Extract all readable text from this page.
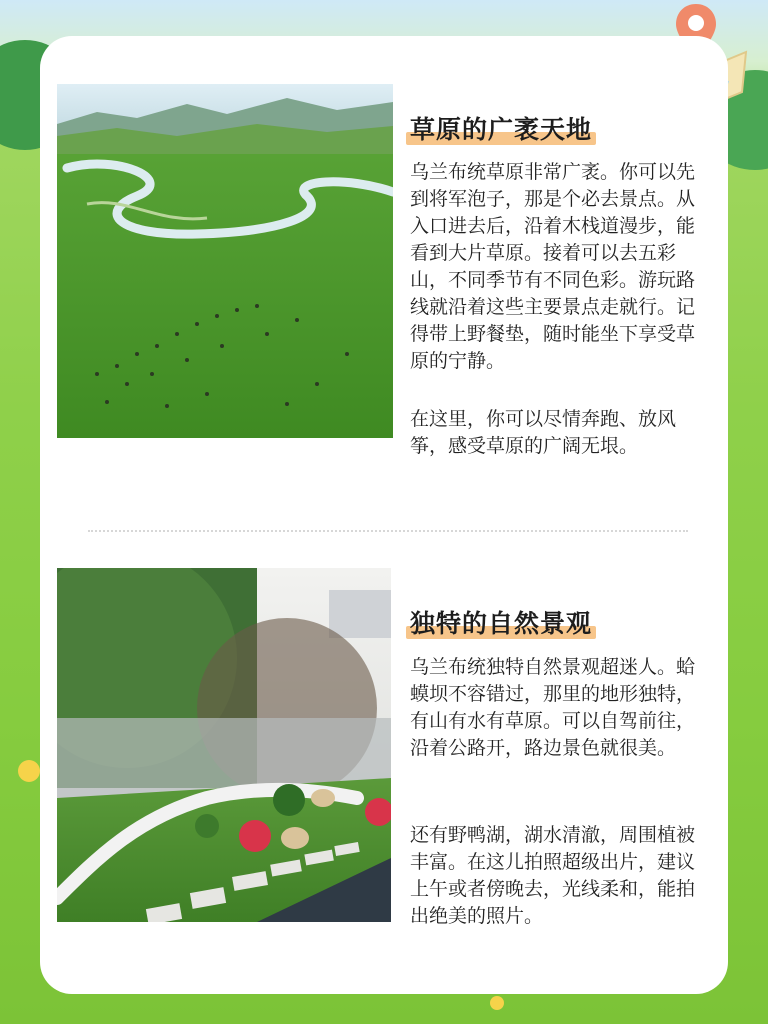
草原的广袤天地

乌兰布统草原非常广袤。你可以先到将军泡子，那是个必去景点。从入口进去后，沿着木栈道漫步，能看到大片草原。接着可以去五彩山，不同季节有不同色彩。游玩路线就沿着这些主要景点走就行。记得带上野餐垫，随时能坐下享受草原的宁静。

在这里，你可以尽情奔跑、放风筝，感受草原的广阔无垠。

独特的自然景观

乌兰布统独特自然景观超迷人。蛤蟆坝不容错过，那里的地形独特，有山有水有草原。可以自驾前往，沿着公路开，路边景色就很美。

还有野鸭湖，湖水清澈，周围植被丰富。在这儿拍照超级出片，建议上午或者傍晚去，光线柔和，能拍出绝美的照片。
